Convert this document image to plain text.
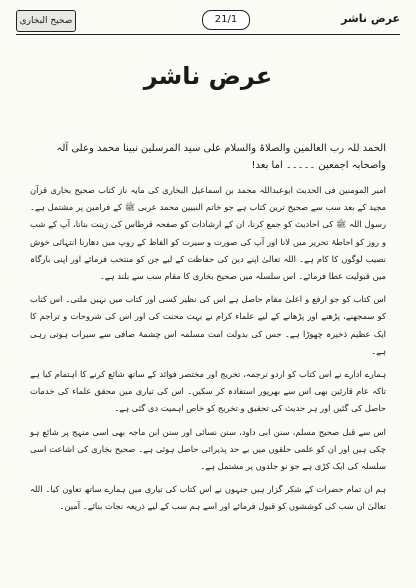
صحیح البخاری	21/1	عرض ناشر
عرض ناشر

الحمد للہ رب العالمین والصلاۃ والسلام علی سید المرسلین نبینا محمد وعلی آلہ واصحابہ اجمعین ۔۔۔۔۔ اما بعد!

امیر المومنین فی الحدیث ابوعبداللہ محمد بن اسماعیل البخاری کی مایہ ناز کتاب صحیح بخاری قرآن مجید کے بعد سب سے صحیح ترین کتاب ہے جو خاتم النبیین محمد عربی ﷺ کے فرامین پر مشتمل ہے۔ رسول اللہ ﷺ کی احادیث کو جمع کرنا، ان کے ارشادات کو صفحہ قرطاس کی زینت بنانا، آپ کے شب و روز کو احاطۂ تحریر میں لانا اور آپ کی صورت و سیرت کو الفاظ کے روپ میں دھارنا انتہائی خوش نصیب لوگوں کا کام ہے۔ اللہ تعالیٰ اپنے دین کی حفاظت کے لیے جن کو منتخب فرمائے اور اپنی بارگاہ میں قبولیت عطا فرمائے۔ اس سلسلہ میں صحیح بخاری کا مقام سب سے بلند ہے۔

اس کتاب کو جو ارفع و اعلیٰ مقام حاصل ہے اس کی نظیر کسی اور کتاب میں نہیں ملتی۔ اس کتاب کو سمجھنے، پڑھنے اور پڑھانے کے لیے علماء کرام نے بہت محنت کی اور اس کی شروحات و تراجم کا ایک عظیم ذخیرہ چھوڑا ہے۔ جس کی بدولت امت مسلمہ اس چشمۂ صافی سے سیراب ہوتی رہی ہے۔

ہمارے ادارے نے اس کتاب کو اردو ترجمہ، تخریج اور مختصر فوائد کے ساتھ شائع کرنے کا اہتمام کیا ہے تاکہ عام قارئین بھی اس سے بھرپور استفادہ کر سکیں۔ اس کی تیاری میں محقق علماء کی خدمات حاصل کی گئیں اور ہر حدیث کی تحقیق و تخریج کو خاص اہمیت دی گئی ہے۔

اس سے قبل صحیح مسلم، سنن ابی داود، سنن نسائی اور سنن ابن ماجہ بھی اسی منہج پر شائع ہو چکی ہیں اور ان کو علمی حلقوں میں بے حد پذیرائی حاصل ہوئی ہے۔ صحیح بخاری کی اشاعت اسی سلسلہ کی ایک کڑی ہے جو نو جلدوں پر مشتمل ہے۔

ہم ان تمام حضرات کے شکر گزار ہیں جنہوں نے اس کتاب کی تیاری میں ہمارے ساتھ تعاون کیا۔ اللہ تعالیٰ ان سب کی کوششوں کو قبول فرمائے اور اسے ہم سب کے لیے ذریعہ نجات بنائے۔ آمین۔
